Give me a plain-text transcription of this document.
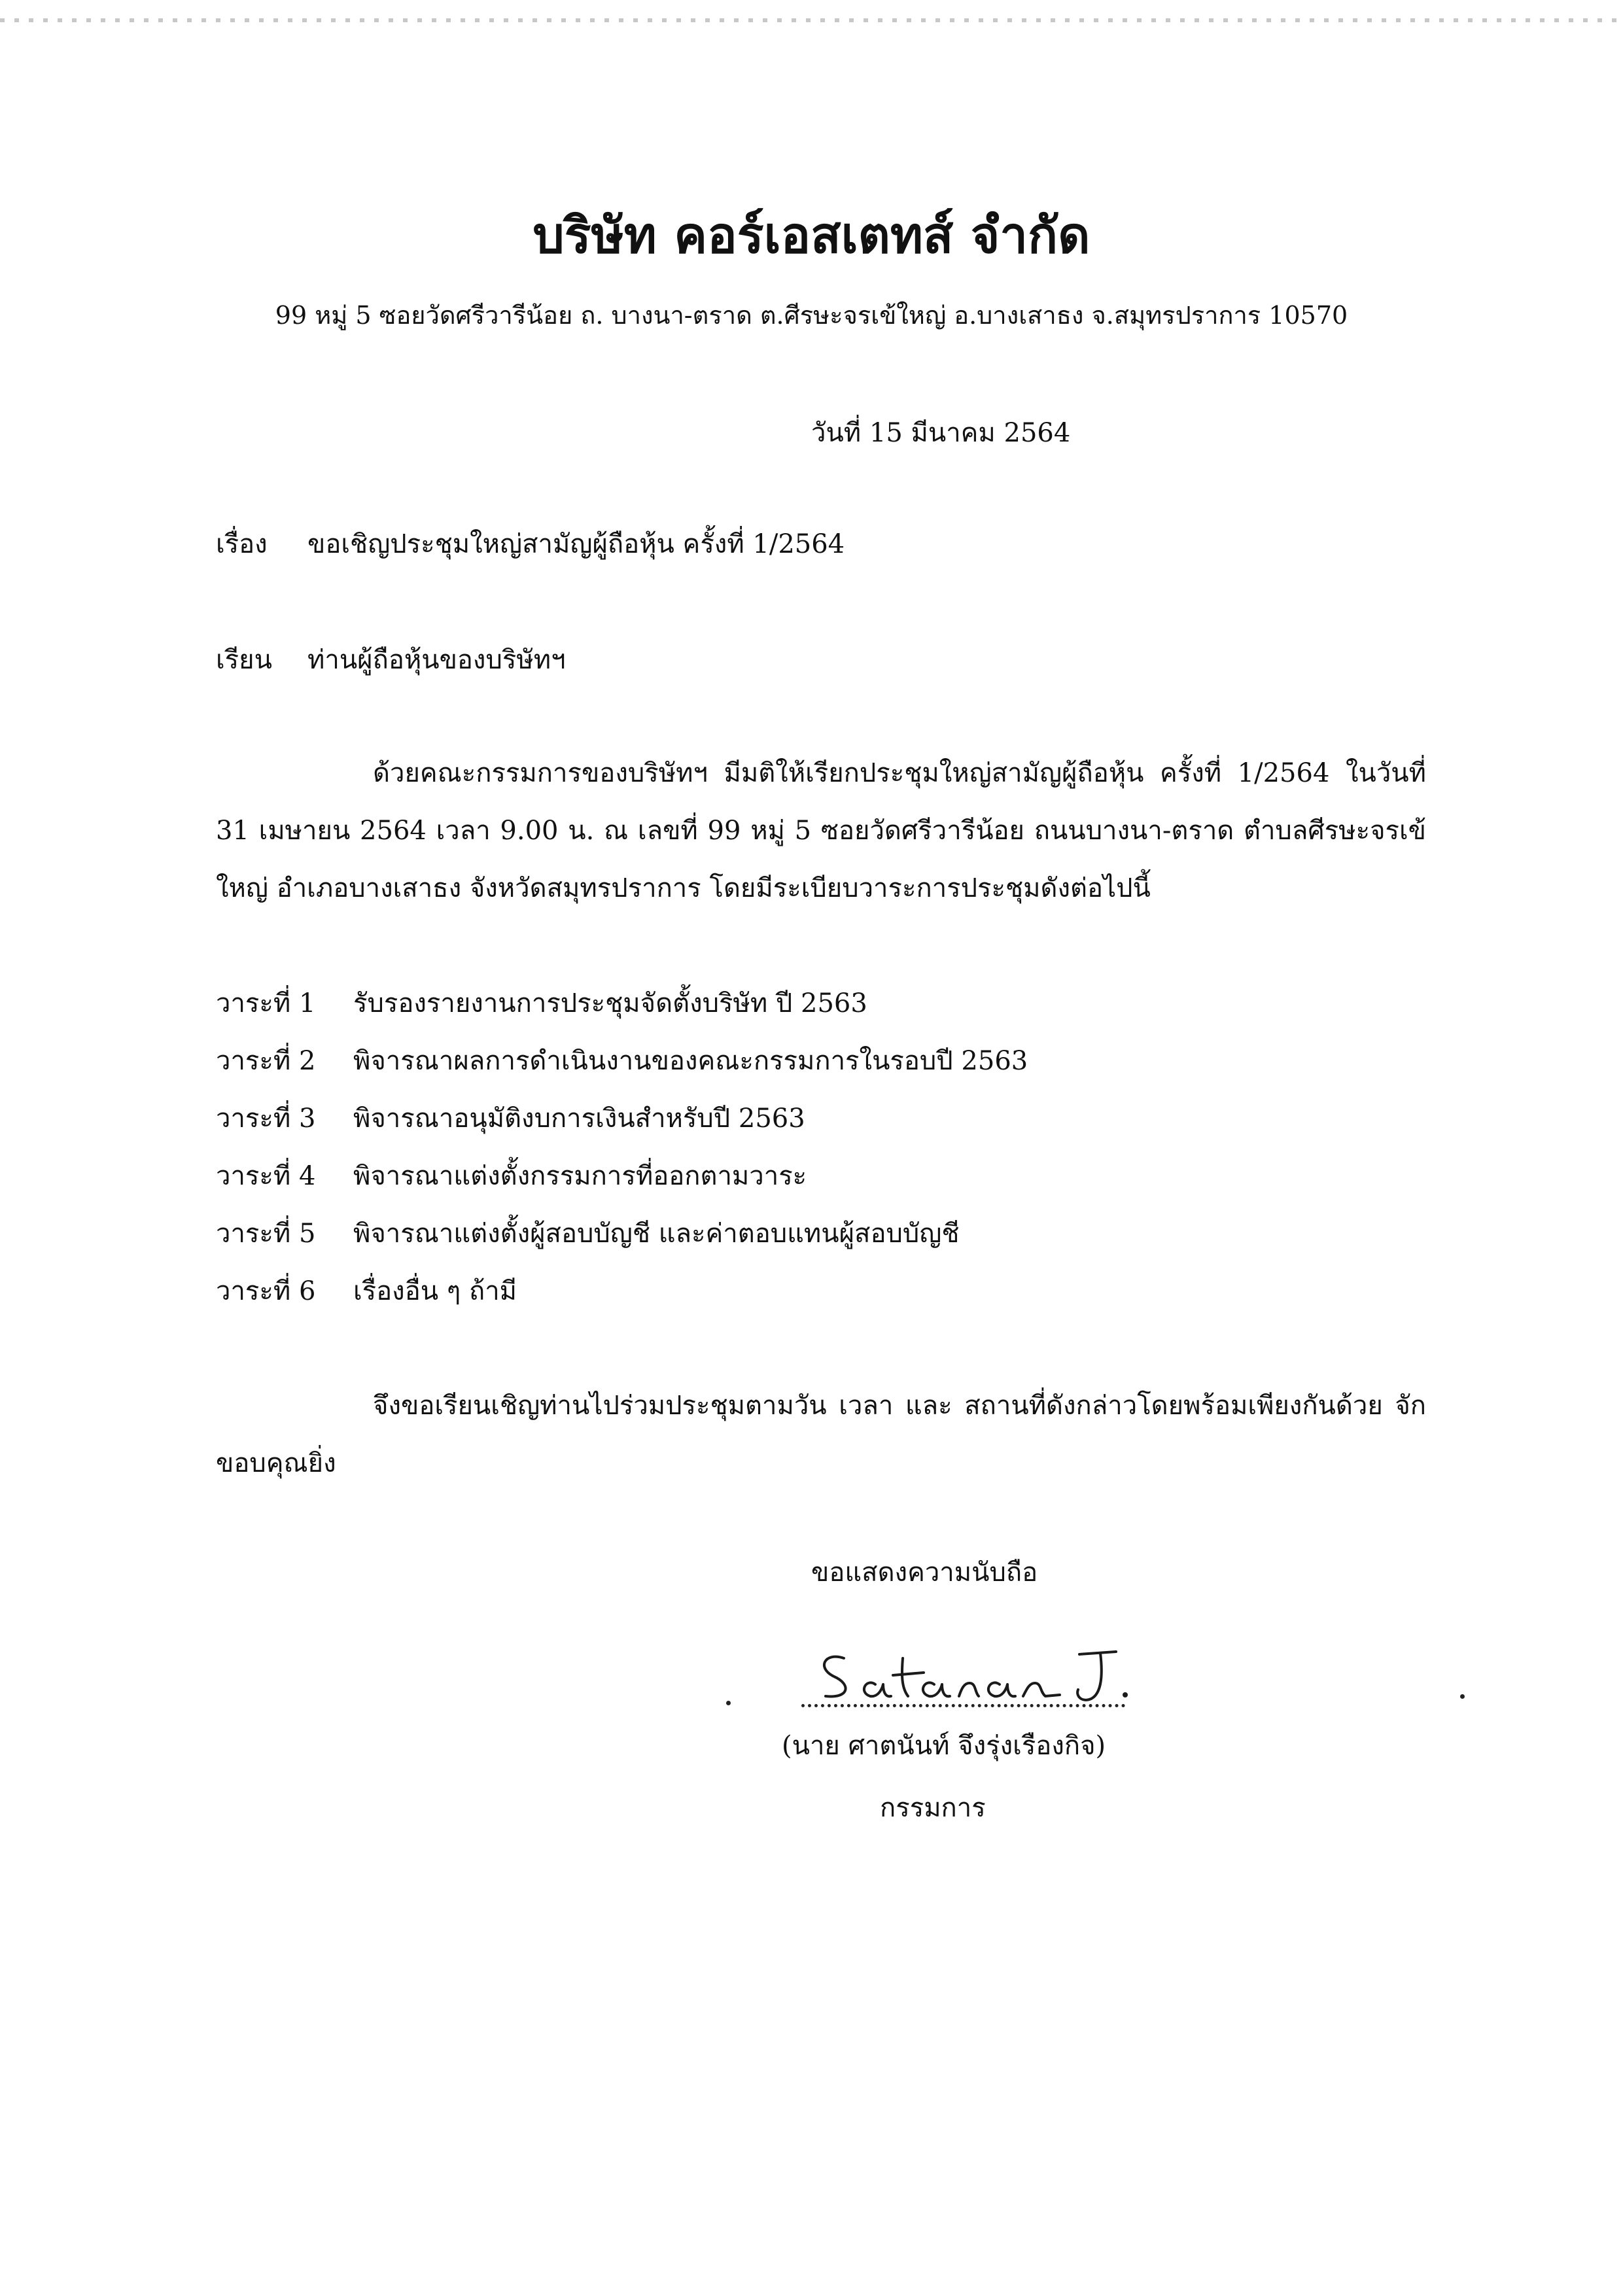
บริษัท คอร์เอสเตทส์ จำกัด
99 หมู่ 5 ซอยวัดศรีวารีน้อย ถ. บางนา-ตราด ต.ศีรษะจรเข้ใหญ่ อ.บางเสาธง จ.สมุทรปราการ 10570
วันที่ 15 มีนาคม 2564
เรื่อง ขอเชิญประชุมใหญ่สามัญผู้ถือหุ้น ครั้งที่ 1/2564
เรียน ท่านผู้ถือหุ้นของบริษัทฯ

ด้วยคณะกรรมการของบริษัทฯ มีมติให้เรียกประชุมใหญ่สามัญผู้ถือหุ้น ครั้งที่ 1/2564 ในวันที่ 31 เมษายน 2564 เวลา 9.00 น. ณ เลขที่ 99 หมู่ 5 ซอยวัดศรีวารีน้อย ถนนบางนา-ตราด ตำบลศีรษะจรเข้ใหญ่ อำเภอบางเสาธง จังหวัดสมุทรปราการ โดยมีระเบียบวาระการประชุมดังต่อไปนี้

วาระที่ 1 รับรองรายงานการประชุมจัดตั้งบริษัท ปี 2563
วาระที่ 2 พิจารณาผลการดำเนินงานของคณะกรรมการในรอบปี 2563
วาระที่ 3 พิจารณาอนุมัติงบการเงินสำหรับปี 2563
วาระที่ 4 พิจารณาแต่งตั้งกรรมการที่ออกตามวาระ
วาระที่ 5 พิจารณาแต่งตั้งผู้สอบบัญชี และค่าตอบแทนผู้สอบบัญชี
วาระที่ 6 เรื่องอื่น ๆ ถ้ามี

จึงขอเรียนเชิญท่านไปร่วมประชุมตามวัน เวลา และ สถานที่ดังกล่าวโดยพร้อมเพียงกันด้วย จักขอบคุณยิ่ง

ขอแสดงความนับถือ
(นาย ศาตนันท์ จึงรุ่งเรืองกิจ)
กรรมการ
